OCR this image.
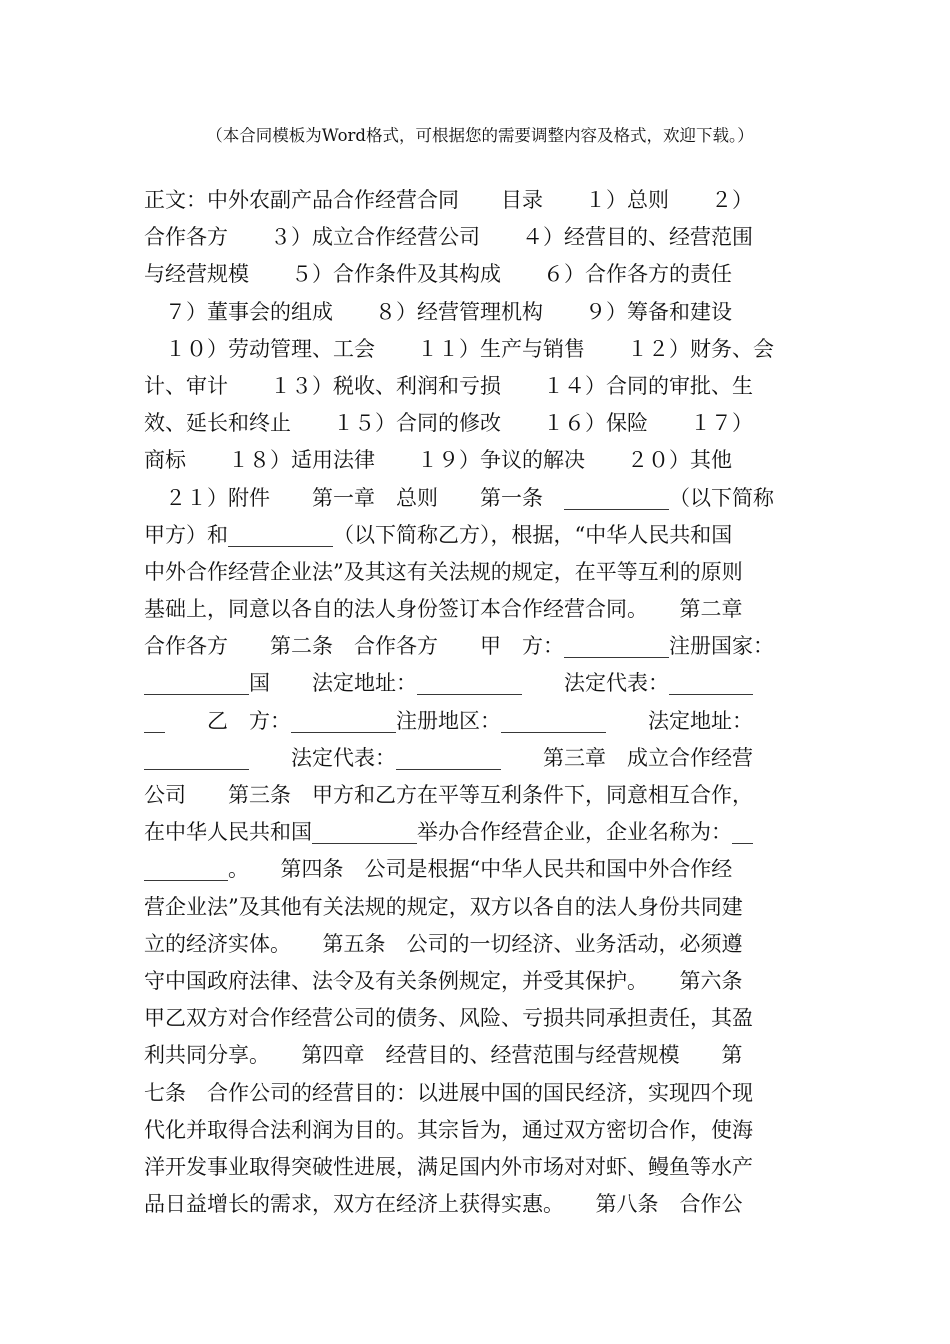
（本合同模板为Word格式，可根据您的需要调整内容及格式，欢迎下载。）
正文：中外农副产品合作经营合同　　目录　　１）总则　　２）
合作各方　　３）成立合作经营公司　　４）经营目的、经营范围
与经营规模　　５）合作条件及其构成　　６）合作各方的责任
　７）董事会的组成　　８）经营管理机构　　９）筹备和建设
　１０）劳动管理、工会　　１１）生产与销售　　１２）财务、会
计、审计　　１３）税收、利润和亏损　　１４）合同的审批、生
效、延长和终止　　１５）合同的修改　　１６）保险　　１７）
商标　　１８）适用法律　　１９）争议的解决　　２０）其他
　２１）附件　　第一章　总则　　第一条　__________（以下简称
甲方）和__________（以下简称乙方），根据，“中华人民共和国
中外合作经营企业法”及其这有关法规的规定，在平等互利的原则
基础上，同意以各自的法人身份签订本合作经营合同。　　第二章
合作各方　　第二条　合作各方　　甲　方：__________注册国家：
__________国　　法定地址：__________　　法定代表：________
__　　乙　方：__________注册地区：__________　　法定地址：
__________　　法定代表：__________　　第三章　成立合作经营
公司　　第三条　甲方和乙方在平等互利条件下，同意相互合作，
在中华人民共和国__________举办合作经营企业，企业名称为：__
________。　　第四条　公司是根据“中华人民共和国中外合作经
营企业法”及其他有关法规的规定，双方以各自的法人身份共同建
立的经济实体。　　第五条　公司的一切经济、业务活动，必须遵
守中国政府法律、法令及有关条例规定，并受其保护。　　第六条
甲乙双方对合作经营公司的债务、风险、亏损共同承担责任，其盈
利共同分享。　　第四章　经营目的、经营范围与经营规模　　第
七条　合作公司的经营目的：以进展中国的国民经济，实现四个现
代化并取得合法利润为目的。其宗旨为，通过双方密切合作，使海
洋开发事业取得突破性进展，满足国内外市场对对虾、鳗鱼等水产
品日益增长的需求，双方在经济上获得实惠。　　第八条　合作公
